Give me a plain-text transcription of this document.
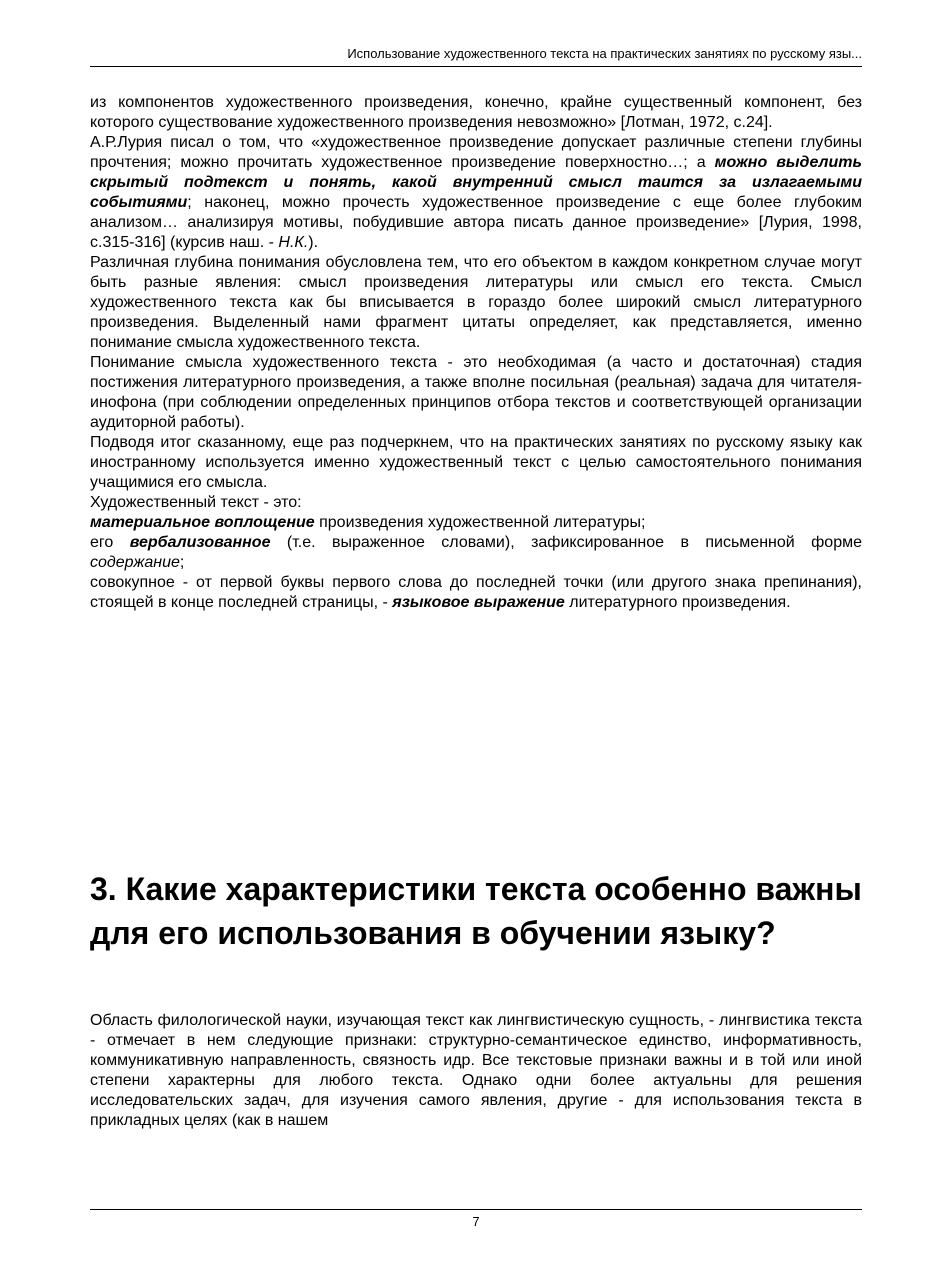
Использование художественного текста на практических занятиях по русскому язы...

из компонентов художественного произведения, конечно, крайне существенный компонент, без которого существование художественного произведения невозможно» [Лотман, 1972, с.24].

А.Р.Лурия писал о том, что «художественное произведение допускает различные степени глубины прочтения; можно прочитать художественное произведение поверхностно…; а можно выделить скрытый подтекст и понять, какой внутренний смысл таится за излагаемыми событиями; наконец, можно прочесть художественное произведение с еще более глубоким анализом… анализируя мотивы, побудившие автора писать данное произведение» [Лурия, 1998, с.315-316] (курсив наш. - Н.К.).

Различная глубина понимания обусловлена тем, что его объектом в каждом конкретном случае могут быть разные явления: смысл произведения литературы или смысл его текста. Смысл художественного текста как бы вписывается в гораздо более широкий смысл литературного произведения. Выделенный нами фрагмент цитаты определяет, как представляется, именно понимание смысла художественного текста.

Понимание смысла художественного текста - это необходимая (а часто и достаточная) стадия постижения литературного произведения, а также вполне посильная (реальная) задача для читателя-инофона (при соблюдении определенных принципов отбора текстов и соответствующей организации аудиторной работы).

Подводя итог сказанному, еще раз подчеркнем, что на практических занятиях по русскому языку как иностранному используется именно художественный текст с целью самостоятельного понимания учащимися его смысла.

Художественный текст - это:

материальное воплощение произведения художественной литературы;

его вербализованное (т.е. выраженное словами), зафиксированное в письменной форме содержание;

совокупное - от первой буквы первого слова до последней точки (или другого знака препинания), стоящей в конце последней страницы, - языковое выражение литературного произведения.

3. Какие характеристики текста особенно важны для его использования в обучении языку?

Область филологической науки, изучающая текст как лингвистическую сущность, - лингвистика текста - отмечает в нем следующие признаки: структурно-семантическое единство, информативность, коммуникативную направленность, связность идр. Все текстовые признаки важны и в той или иной степени характерны для любого текста. Однако одни более актуальны для решения исследовательских задач, для изучения самого явления, другие - для использования текста в прикладных целях (как в нашем

7
